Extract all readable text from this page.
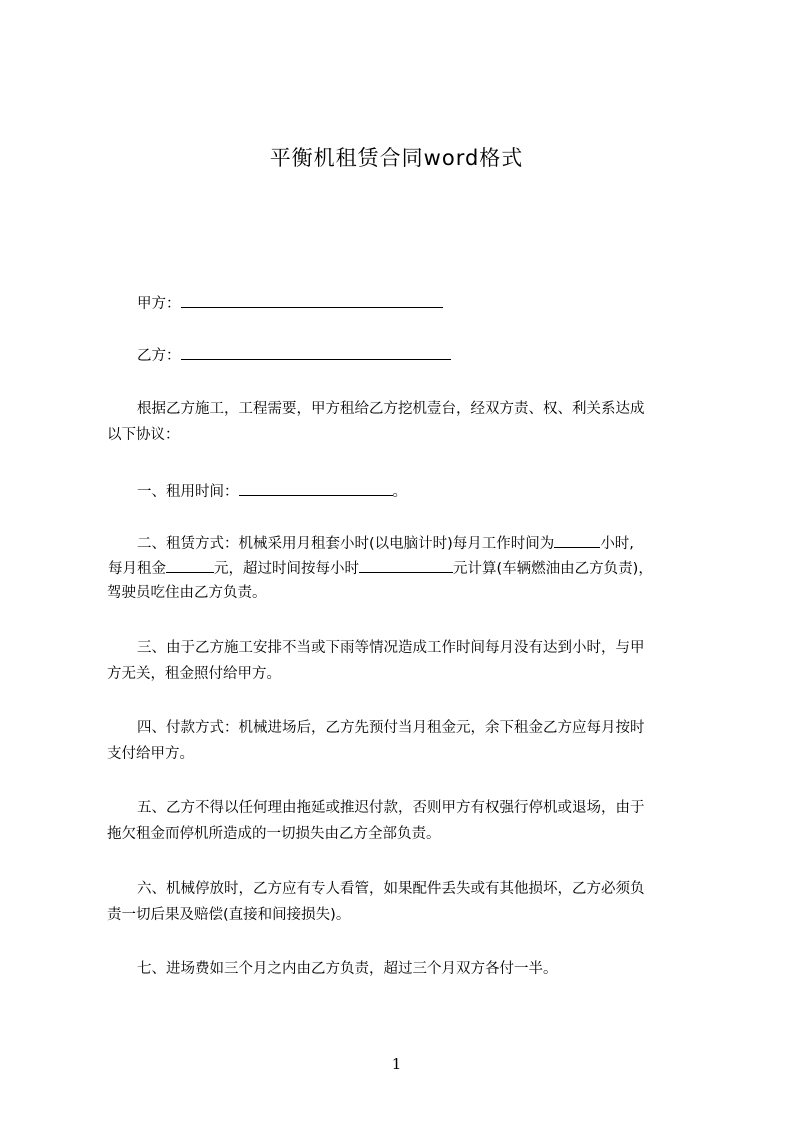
平衡机租赁合同word格式
甲方：
乙方：
根据乙方施工，工程需要，甲方租给乙方挖机壹台，经双方责、权、利关系达成
以下协议：
一、租用时间：	。
二、租赁方式：机械采用月租套小时(以电脑计时)每月工作时间为	小时,
每月租金	元，超过时间按每小时	元计算(车辆燃油由乙方负责)，
驾驶员吃住由乙方负责。
三、由于乙方施工安排不当或下雨等情况造成工作时间每月没有达到小时，与甲
方无关，租金照付给甲方。
四、付款方式：机械进场后，乙方先预付当月租金元，余下租金乙方应每月按时
支付给甲方。
五、乙方不得以任何理由拖延或推迟付款，否则甲方有权强行停机或退场，由于
拖欠租金而停机所造成的一切损失由乙方全部负责。
六、机械停放时，乙方应有专人看管，如果配件丢失或有其他损坏，乙方必须负
责一切后果及赔偿(直接和间接损失)。
七、进场费如三个月之内由乙方负责，超过三个月双方各付一半。
1
